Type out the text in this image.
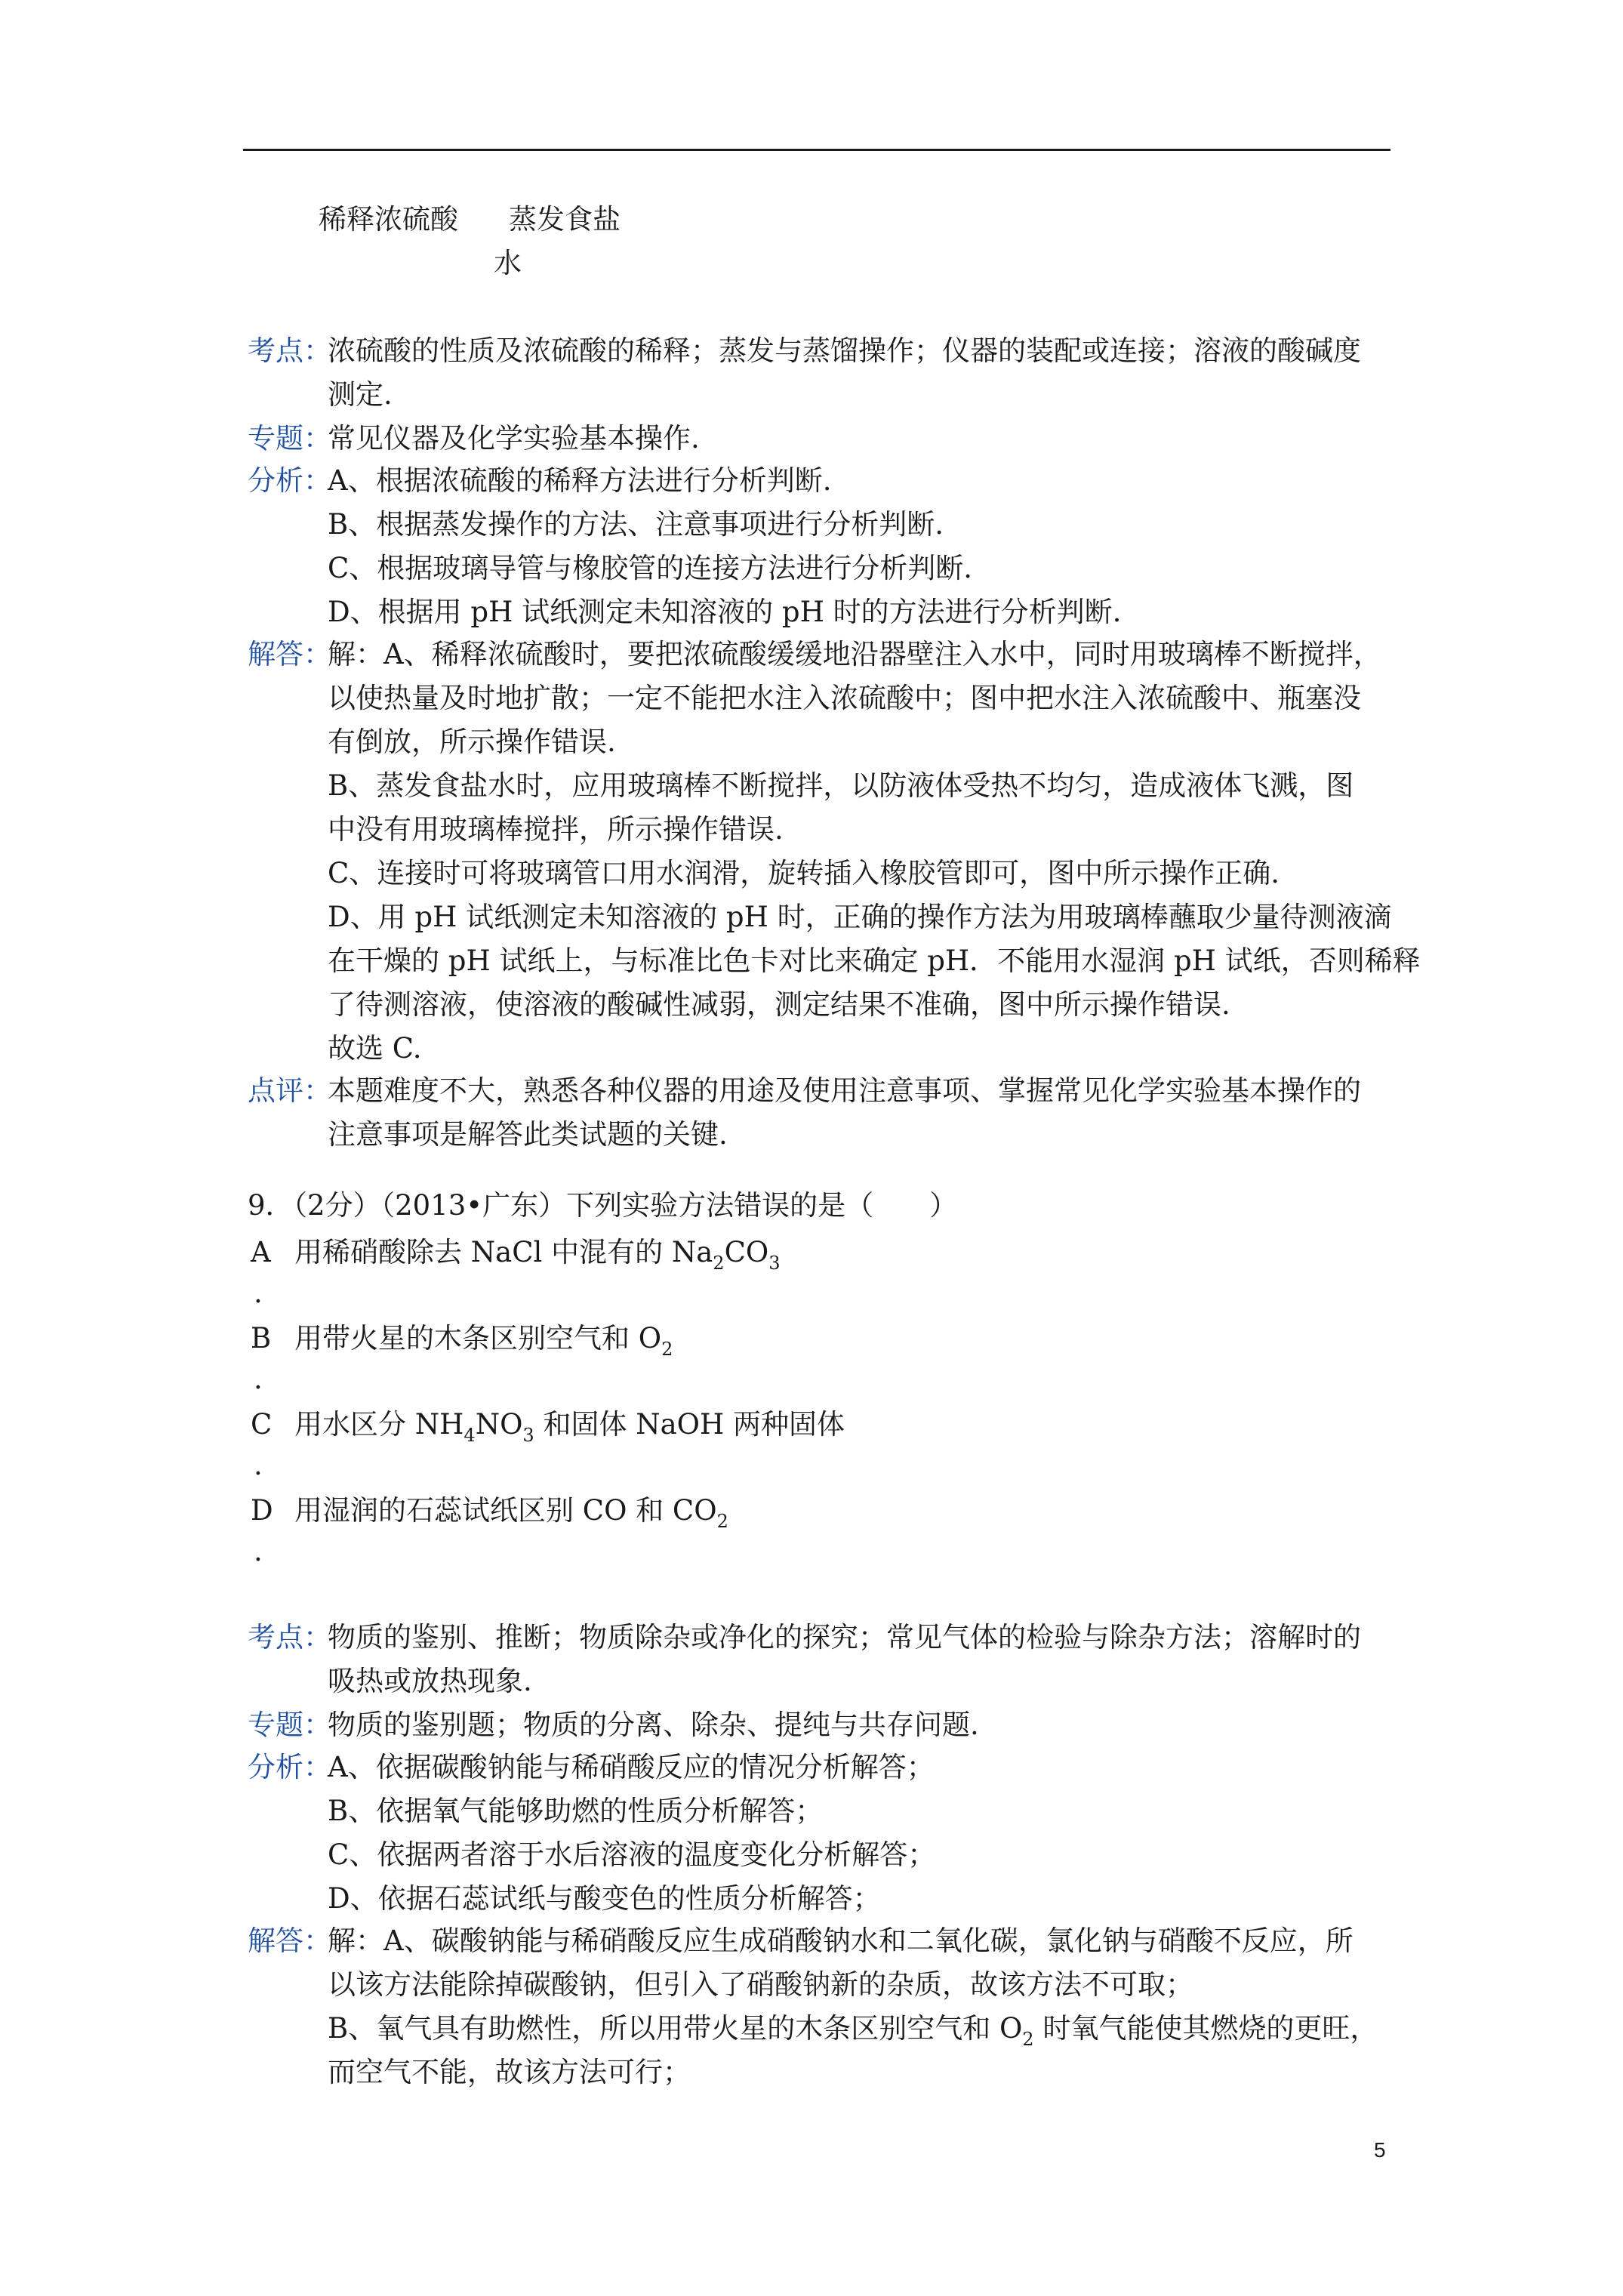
稀释浓硫酸 蒸发食盐
水
考点：
浓硫酸的性质及浓硫酸的稀释；蒸发与蒸馏操作；仪器的装配或连接；溶液的酸碱度
测定.
专题：
常见仪器及化学实验基本操作.
分析：
A、根据浓硫酸的稀释方法进行分析判断.
B、根据蒸发操作的方法、注意事项进行分析判断.
C、根据玻璃导管与橡胶管的连接方法进行分析判断.
D、根据用 pH 试纸测定未知溶液的 pH 时的方法进行分析判断.
解答：
解：A、稀释浓硫酸时，要把浓硫酸缓缓地沿器壁注入水中，同时用玻璃棒不断搅拌，
以使热量及时地扩散；一定不能把水注入浓硫酸中；图中把水注入浓硫酸中、瓶塞没
有倒放，所示操作错误.
B、蒸发食盐水时，应用玻璃棒不断搅拌，以防液体受热不均匀，造成液体飞溅，图
中没有用玻璃棒搅拌，所示操作错误.
C、连接时可将玻璃管口用水润滑，旋转插入橡胶管即可，图中所示操作正确.
D、用 pH 试纸测定未知溶液的 pH 时，正确的操作方法为用玻璃棒蘸取少量待测液滴
在干燥的 pH 试纸上，与标准比色卡对比来确定 pH．不能用水湿润 pH 试纸，否则稀释
了待测溶液，使溶液的酸碱性减弱，测定结果不准确，图中所示操作错误.
故选 C.
点评：
本题难度不大，熟悉各种仪器的用途及使用注意事项、掌握常见化学实验基本操作的
注意事项是解答此类试题的关键.
9．（2分）（2013•广东）下列实验方法错误的是（　　）
A 用稀硝酸除去 NaCl 中混有的 $Na_2CO_3$
.
B 用带火星的木条区别空气和 $O_2$
.
C 用水区分 $NH_4NO_3$ 和固体 NaOH 两种固体
.
D 用湿润的石蕊试纸区别 CO 和 $CO_2$
.
考点：
物质的鉴别、推断；物质除杂或净化的探究；常见气体的检验与除杂方法；溶解时的
吸热或放热现象.
专题：
物质的鉴别题；物质的分离、除杂、提纯与共存问题.
分析：
A、依据碳酸钠能与稀硝酸反应的情况分析解答；
B、依据氧气能够助燃的性质分析解答；
C、依据两者溶于水后溶液的温度变化分析解答；
D、依据石蕊试纸与酸变色的性质分析解答；
解答：
解：A、碳酸钠能与稀硝酸反应生成硝酸钠水和二氧化碳，氯化钠与硝酸不反应，所
以该方法能除掉碳酸钠，但引入了硝酸钠新的杂质，故该方法不可取；
B、氧气具有助燃性，所以用带火星的木条区别空气和 $O_2$ 时氧气能使其燃烧的更旺，
而空气不能，故该方法可行；
5
